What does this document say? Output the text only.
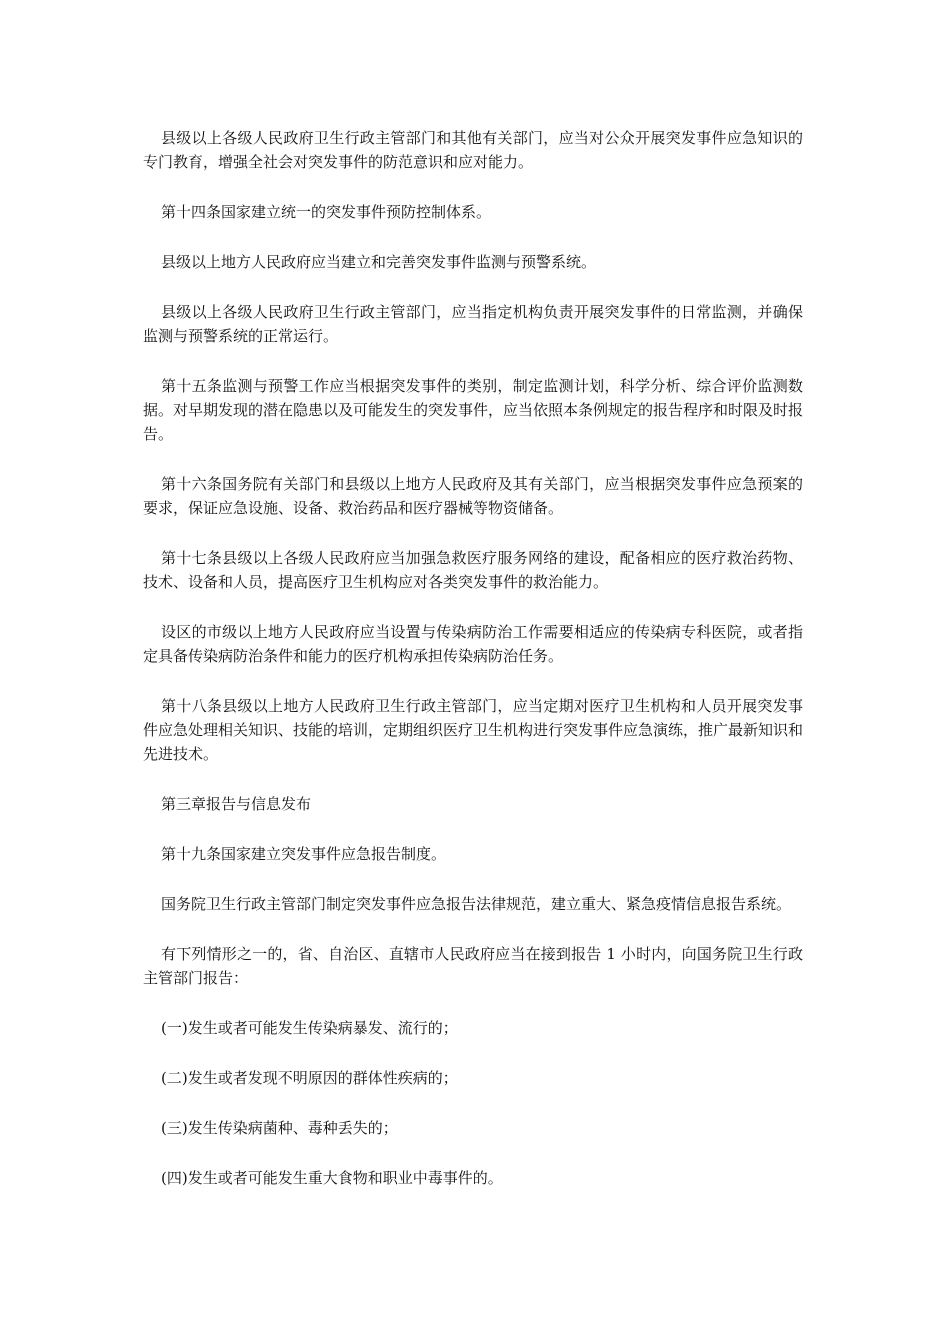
县级以上各级人民政府卫生行政主管部门和其他有关部门，应当对公众开展突发事件应急知识的专门教育，增强全社会对突发事件的防范意识和应对能力。

第十四条国家建立统一的突发事件预防控制体系。

县级以上地方人民政府应当建立和完善突发事件监测与预警系统。

县级以上各级人民政府卫生行政主管部门，应当指定机构负责开展突发事件的日常监测，并确保监测与预警系统的正常运行。

第十五条监测与预警工作应当根据突发事件的类别，制定监测计划，科学分析、综合评价监测数据。对早期发现的潜在隐患以及可能发生的突发事件，应当依照本条例规定的报告程序和时限及时报告。

第十六条国务院有关部门和县级以上地方人民政府及其有关部门，应当根据突发事件应急预案的要求，保证应急设施、设备、救治药品和医疗器械等物资储备。

第十七条县级以上各级人民政府应当加强急救医疗服务网络的建设，配备相应的医疗救治药物、技术、设备和人员，提高医疗卫生机构应对各类突发事件的救治能力。

设区的市级以上地方人民政府应当设置与传染病防治工作需要相适应的传染病专科医院，或者指定具备传染病防治条件和能力的医疗机构承担传染病防治任务。

第十八条县级以上地方人民政府卫生行政主管部门，应当定期对医疗卫生机构和人员开展突发事件应急处理相关知识、技能的培训，定期组织医疗卫生机构进行突发事件应急演练，推广最新知识和先进技术。

第三章报告与信息发布

第十九条国家建立突发事件应急报告制度。

国务院卫生行政主管部门制定突发事件应急报告法律规范，建立重大、紧急疫情信息报告系统。

有下列情形之一的，省、自治区、直辖市人民政府应当在接到报告 1 小时内，向国务院卫生行政主管部门报告：

(一)发生或者可能发生传染病暴发、流行的；

(二)发生或者发现不明原因的群体性疾病的；

(三)发生传染病菌种、毒种丢失的；

(四)发生或者可能发生重大食物和职业中毒事件的。
